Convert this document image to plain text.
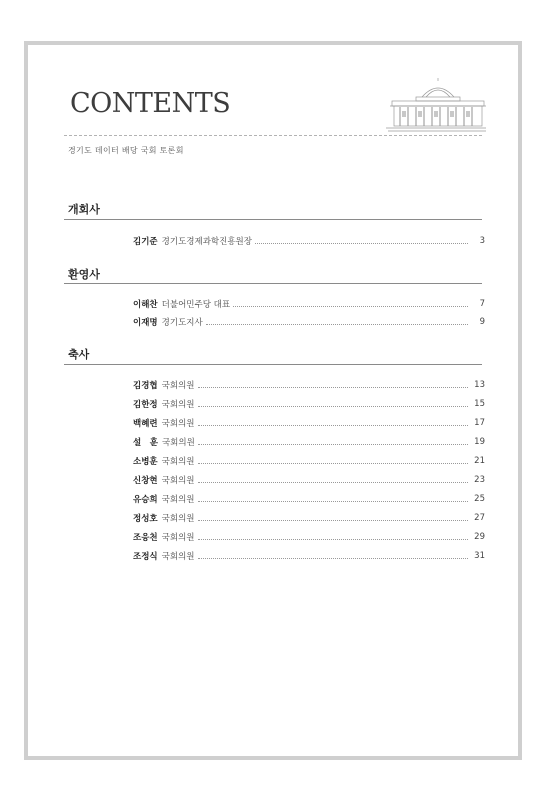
CONTENTS
경기도 데이터 배당 국회 토론회
개회사
김기준 경기도경제과학진흥원장	3
환영사
이해찬 더불어민주당 대표	7
이재명 경기도지사	9
축사
김경협 국회의원	13
김한정 국회의원	15
백혜련 국회의원	17
설　훈 국회의원	19
소병훈 국회의원	21
신창현 국회의원	23
유승희 국회의원	25
정성호 국회의원	27
조응천 국회의원	29
조정식 국회의원	31
